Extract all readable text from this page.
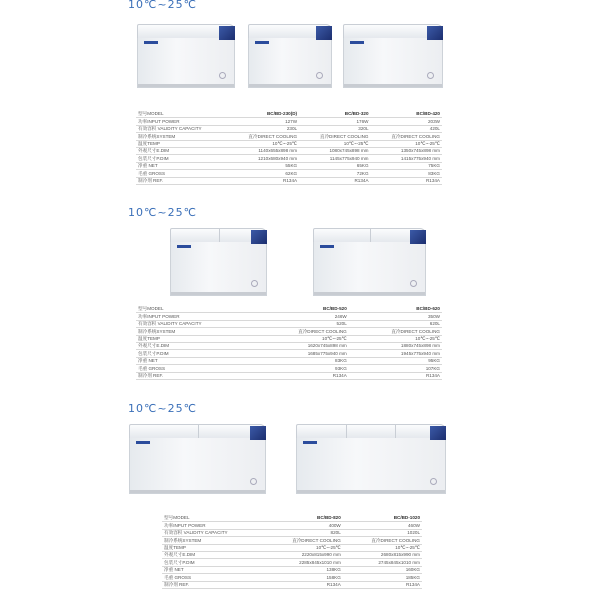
10℃~25℃
型号MODEL	BC/BD-230(D)	BC/BD-320	BC/BD-420
功率INPUT POWER	127W	176W	203W
有效容积 VALIDITY CAPACITY	230L	320L	420L
制冷系统SYSTEM	直冷DIRECT COOLING	直冷DIRECT COOLING	直冷DIRECT COOLING
温度TEMP	10℃~-25℃	10℃~-25℃	10℃~-25℃
外观尺寸E.DIM	1140x655x898 mm	1080x745x898 mm	1350x745x898 mm
包装尺寸P.DIM	1210x680x940 mm	1145x775x940 mm	1415x775x940 mm
净重 NET	55KG	65KG	75KG
毛重 GROSS	62KG	72KG	83KG
制冷剂 REF.	R134A	R134A	R134A
10℃~25℃
型号MODEL	BC/BD-520	BC/BD-620
功率INPUT POWER	246W	350W
有效容积 VALIDITY CAPACITY	520L	620L
制冷系统SYSTEM	直冷DIRECT COOLING	直冷DIRECT COOLING
温度TEMP	10℃~-25℃	10℃~-25℃
外观尺寸E.DIM	1620x745x898 mm	1880x745x898 mm
包装尺寸P.DIM	1685x775x940 mm	1945x775x940 mm
净重 NET	83KG	95KG
毛重 GROSS	93KG	107KG
制冷剂 REF.	R134A	R134A
10℃~25℃
型号MODEL	BC/BD-820	BC/BD-1020
功率INPUT POWER	400W	460W
有效容积 VALIDITY CAPACITY	820L	1020L
制冷系统SYSTEM	直冷DIRECT COOLING	直冷DIRECT COOLING
温度TEMP	10℃~-25℃	10℃~-25℃
外观尺寸E.DIM	2220x815x990 mm	2680x815x990 mm
包装尺寸P.DIM	2285x845x1010 mm	2745x845x1010 mm
净重 NET	138KG	160KG
毛重 GROSS	158KG	185KG
制冷剂 REF.	R134A	R134A
